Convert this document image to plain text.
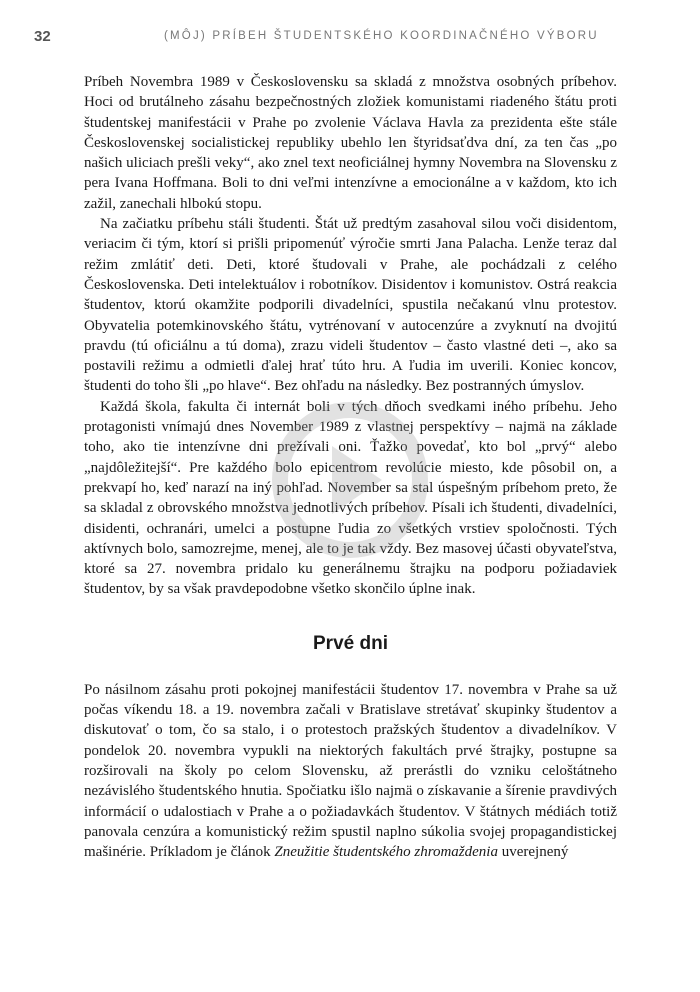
32	(MÔJ) PRÍBEH ŠTUDENTSKÉHO KOORDINAČNÉHO VÝBORU

Príbeh Novembra 1989 v Československu sa skladá z množstva osobných príbehov. Hoci od brutálneho zásahu bezpečnostných zložiek komunistami riadeného štátu proti študentskej manifestácii v Prahe po zvolenie Václava Havla za prezidenta ešte stále Československej socialistickej republiky ubehlo len štyridsaťdva dní, za ten čas „po našich uliciach prešli veky“, ako znel text neoficiálnej hymny Novembra na Slovensku z pera Ivana Hoffmana. Boli to dni veľmi intenzívne a emocionálne a v každom, kto ich zažil, zanechali hlbokú stopu.

Na začiatku príbehu stáli študenti. Štát už predtým zasahoval silou voči disidentom, veriacim či tým, ktorí si prišli pripomenúť výročie smrti Jana Palacha. Lenže teraz dal režim zmlátiť deti. Deti, ktoré študovali v Prahe, ale pochádzali z celého Československa. Deti intelektuálov i robotníkov. Disidentov i komunistov. Ostrá reakcia študentov, ktorú okamžite podporili divadelníci, spustila nečakanú vlnu protestov. Obyvatelia potemkinovského štátu, vytrénovaní v autocenzúre a zvyknutí na dvojitú pravdu (tú oficiálnu a tú doma), zrazu videli študentov – často vlastné deti –, ako sa postavili režimu a odmietli ďalej hrať túto hru. A ľudia im uverili. Koniec koncov, študenti do toho šli „po hlave“. Bez ohľadu na následky. Bez postranných úmyslov.

Každá škola, fakulta či internát boli v tých dňoch svedkami iného príbehu. Jeho protagonisti vnímajú dnes November 1989 z vlastnej perspektívy – najmä na základe toho, ako tie intenzívne dni prežívali oni. Ťažko povedať, kto bol „prvý“ alebo „najdôležitejší“. Pre každého bolo epicentrom revolúcie miesto, kde pôsobil on, a prekvapí ho, keď narazí na iný pohľad. November sa stal úspešným príbehom preto, že sa skladal z obrovského množstva jednotlivých príbehov. Písali ich študenti, divadelníci, disidenti, ochranári, umelci a postupne ľudia zo všetkých vrstiev spoločnosti. Tých aktívnych bolo, samozrejme, menej, ale to je tak vždy. Bez masovej účasti obyvateľstva, ktoré sa 27. novembra pridalo ku generálnemu štrajku na podporu požiadaviek študentov, by sa však pravdepodobne všetko skončilo úplne inak.

Prvé dni

Po násilnom zásahu proti pokojnej manifestácii študentov 17. novembra v Prahe sa už počas víkendu 18. a 19. novembra začali v Bratislave stretávať skupinky študentov a diskutovať o tom, čo sa stalo, i o protestoch pražských študentov a divadelníkov. V pondelok 20. novembra vypukli na niektorých fakultách prvé štrajky, postupne sa rozširovali na školy po celom Slovensku, až prerástli do vzniku celoštátneho nezávislého študentského hnutia. Spočiatku išlo najmä o získavanie a šírenie pravdivých informácií o udalostiach v Prahe a o požiadavkách študentov. V štátnych médiách totiž panovala cenzúra a komunistický režim spustil naplno súkolia svojej propagandistickej mašinérie. Príkladom je článok Zneužitie študentského zhromaždenia uverejnený
